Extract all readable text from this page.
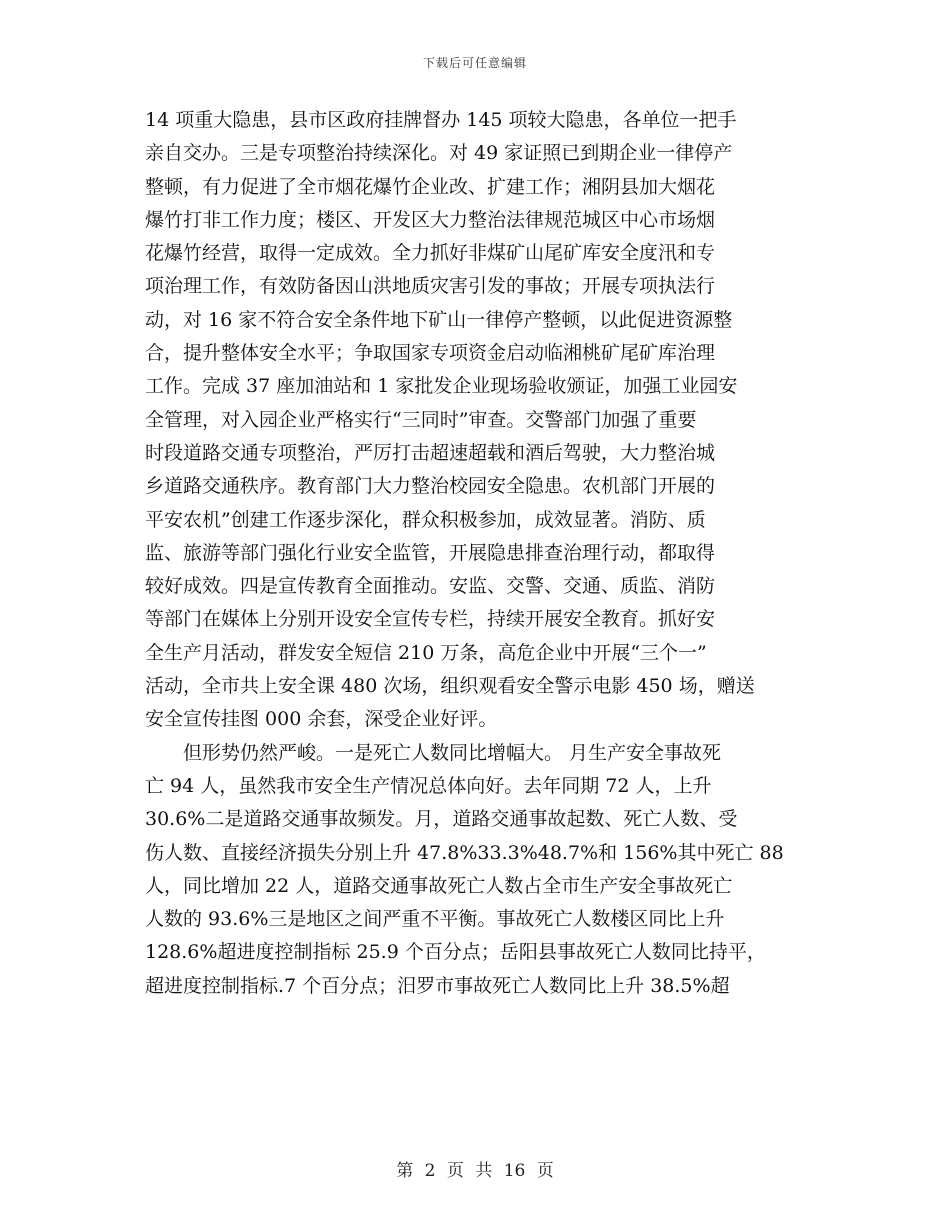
下载后可任意编辑
14 项重大隐患，县市区政府挂牌督办 145 项较大隐患，各单位一把手
亲自交办。三是专项整治持续深化。对 49 家证照已到期企业一律停产
整顿，有力促进了全市烟花爆竹企业改、扩建工作；湘阴县加大烟花
爆竹打非工作力度；楼区、开发区大力整治法律规范城区中心市场烟
花爆竹经营，取得一定成效。全力抓好非煤矿山尾矿库安全度汛和专
项治理工作，有效防备因山洪地质灾害引发的事故；开展专项执法行
动，对 16 家不符合安全条件地下矿山一律停产整顿，以此促进资源整
合，提升整体安全水平；争取国家专项资金启动临湘桃矿尾矿库治理
工作。完成 37 座加油站和 1 家批发企业现场验收颁证，加强工业园安
全管理，对入园企业严格实行“三同时”审查。交警部门加强了重要
时段道路交通专项整治，严厉打击超速超载和酒后驾驶，大力整治城
乡道路交通秩序。教育部门大力整治校园安全隐患。农机部门开展的
平安农机”创建工作逐步深化，群众积极参加，成效显著。消防、质
监、旅游等部门强化行业安全监管，开展隐患排查治理行动，都取得
较好成效。四是宣传教育全面推动。安监、交警、交通、质监、消防
等部门在媒体上分别开设安全宣传专栏，持续开展安全教育。抓好安
全生产月活动，群发安全短信 210 万条，高危企业中开展“三个一”
活动，全市共上安全课 480 次场，组织观看安全警示电影 450 场，赠送
安全宣传挂图 000 余套，深受企业好评。
　　但形势仍然严峻。一是死亡人数同比增幅大。 月生产安全事故死
亡 94 人，虽然我市安全生产情况总体向好。去年同期 72 人，上升
30.6%二是道路交通事故频发。月，道路交通事故起数、死亡人数、受
伤人数、直接经济损失分别上升 47.8%33.3%48.7%和 156%其中死亡 88
人，同比增加 22 人，道路交通事故死亡人数占全市生产安全事故死亡
人数的 93.6%三是地区之间严重不平衡。事故死亡人数楼区同比上升
128.6%超进度控制指标 25.9 个百分点；岳阳县事故死亡人数同比持平，
超进度控制指标.7 个百分点；汨罗市事故死亡人数同比上升 38.5%超
第 2 页 共 16 页
